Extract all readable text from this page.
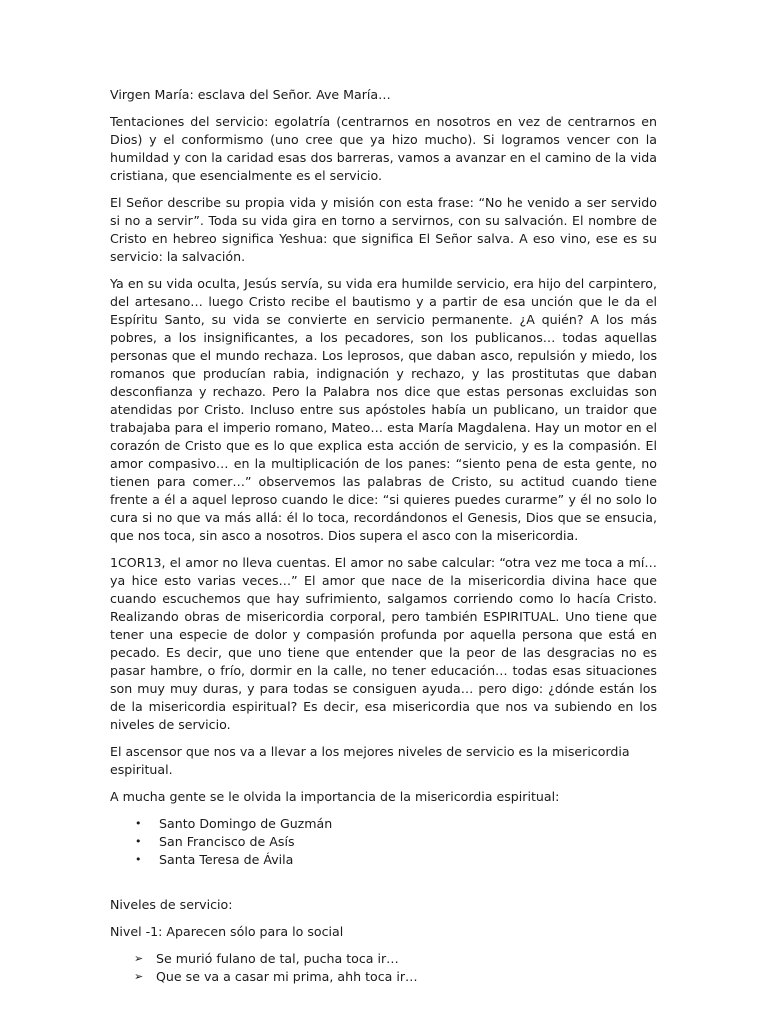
Virgen María: esclava del Señor. Ave María…

Tentaciones del servicio: egolatría (centrarnos en nosotros en vez de centrarnos en Dios) y el conformismo (uno cree que ya hizo mucho). Si logramos vencer con la humildad y con la caridad esas dos barreras, vamos a avanzar en el camino de la vida cristiana, que esencialmente es el servicio.

El Señor describe su propia vida y misión con esta frase: “No he venido a ser servido si no a servir”. Toda su vida gira en torno a servirnos, con su salvación. El nombre de Cristo en hebreo significa Yeshua: que significa El Señor salva. A eso vino, ese es su servicio: la salvación.

Ya en su vida oculta, Jesús servía, su vida era humilde servicio, era hijo del carpintero, del artesano… luego Cristo recibe el bautismo y a partir de esa unción que le da el Espíritu Santo, su vida se convierte en servicio permanente. ¿A quién? A los más pobres, a los insignificantes, a los pecadores, son los publicanos… todas aquellas personas que el mundo rechaza. Los leprosos, que daban asco, repulsión y miedo, los romanos que producían rabia, indignación y rechazo, y las prostitutas que daban desconfianza y rechazo. Pero la Palabra nos dice que estas personas excluidas son atendidas por Cristo. Incluso entre sus apóstoles había un publicano, un traidor que trabajaba para el imperio romano, Mateo… esta María Magdalena. Hay un motor en el corazón de Cristo que es lo que explica esta acción de servicio, y es la compasión. El amor compasivo… en la multiplicación de los panes: “siento pena de esta gente, no tienen para comer…” observemos las palabras de Cristo, su actitud cuando tiene frente a él a aquel leproso cuando le dice: “si quieres puedes curarme” y él no solo lo cura si no que va más allá: él lo toca, recordándonos el Genesis, Dios que se ensucia, que nos toca, sin asco a nosotros. Dios supera el asco con la misericordia.

1COR13, el amor no lleva cuentas. El amor no sabe calcular: “otra vez me toca a mí… ya hice esto varias veces…” El amor que nace de la misericordia divina hace que cuando escuchemos que hay sufrimiento, salgamos corriendo como lo hacía Cristo. Realizando obras de misericordia corporal, pero también ESPIRITUAL. Uno tiene que tener una especie de dolor y compasión profunda por aquella persona que está en pecado. Es decir, que uno tiene que entender que la peor de las desgracias no es pasar hambre, o frío, dormir en la calle, no tener educación… todas esas situaciones son muy muy duras, y para todas se consiguen ayuda… pero digo: ¿dónde están los de la misericordia espiritual? Es decir, esa misericordia que nos va subiendo en los niveles de servicio.

El ascensor que nos va a llevar a los mejores niveles de servicio es la misericordia espiritual.

A mucha gente se le olvida la importancia de la misericordia espiritual:

• Santo Domingo de Guzmán
• San Francisco de Asís
• Santa Teresa de Ávila

Niveles de servicio:

Nivel -1: Aparecen sólo para lo social

➢ Se murió fulano de tal, pucha toca ir…
➢ Que se va a casar mi prima, ahh toca ir…
